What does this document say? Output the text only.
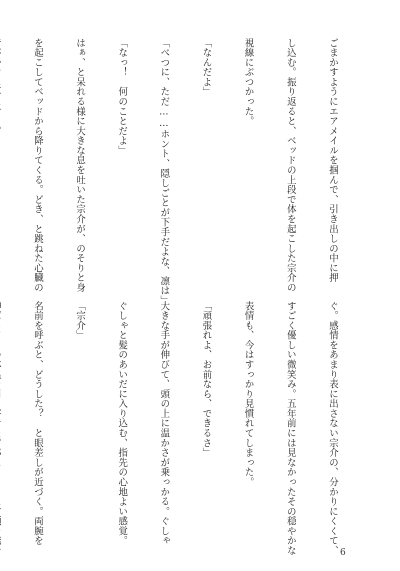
ごまかすようにエアメイルを掴んで、引き出しの中に押

し込む。振り返ると、ベッドの上段で体を起こした宗介の

視線にぶつかった。

「なんだよ」

「べつに、ただ……ホント、隠しごとが下手だよな、凛は」

「なっ！　何のことだよ」

はぁ、と呆れる様に大きな息を吐いた宗介が、のそりと身

を起こしてベッドから降りてくる。どき、と跳ねた心臓の

ぐ。感情をあまり表に出さない宗介の、分かりにくくて、

すごく優しい微笑み。五年前には見なかったその穏やかな

表情も、今はすっかり見慣れてしまった。

「頑張れよ、お前なら、できるさ」

大きな手が伸びて、頭の上に温かさが乗っかる。ぐしゃ

ぐしゃと髪のあいだに入り込む、指先の心地よい感覚。

「宗介」

名前を呼ぶと、どうした？　と眼差しが近づく。両腕を

6
